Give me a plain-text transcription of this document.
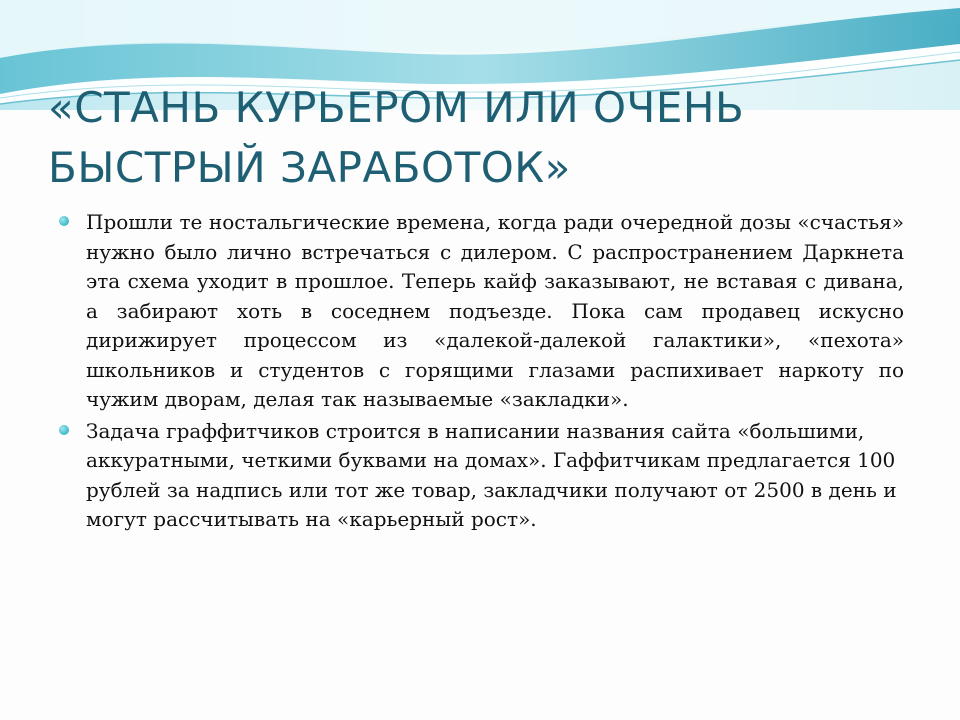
«СТАНЬ КУРЬЕРОМ ИЛИ ОЧЕНЬ БЫСТРЫЙ ЗАРАБОТОК»
Прошли те ностальгические времена, когда ради очередной дозы «счастья» нужно было лично встречаться с дилером. С распространением Даркнета эта схема уходит в прошлое. Теперь кайф заказывают, не вставая с дивана, а забирают хоть в соседнем подъезде. Пока сам продавец искусно дирижирует процессом из «далекой-далекой галактики», «пехота» школьников и студентов с горящими глазами распихивает наркоту по чужим дворам, делая так называемые «закладки».
Задача граффитчиков строится в написании названия сайта «большими, аккуратными, четкими буквами на домах». Гаффитчикам предлагается 100 рублей за надпись или тот же товар, закладчики получают от 2500 в день и могут рассчитывать на «карьерный рост».
